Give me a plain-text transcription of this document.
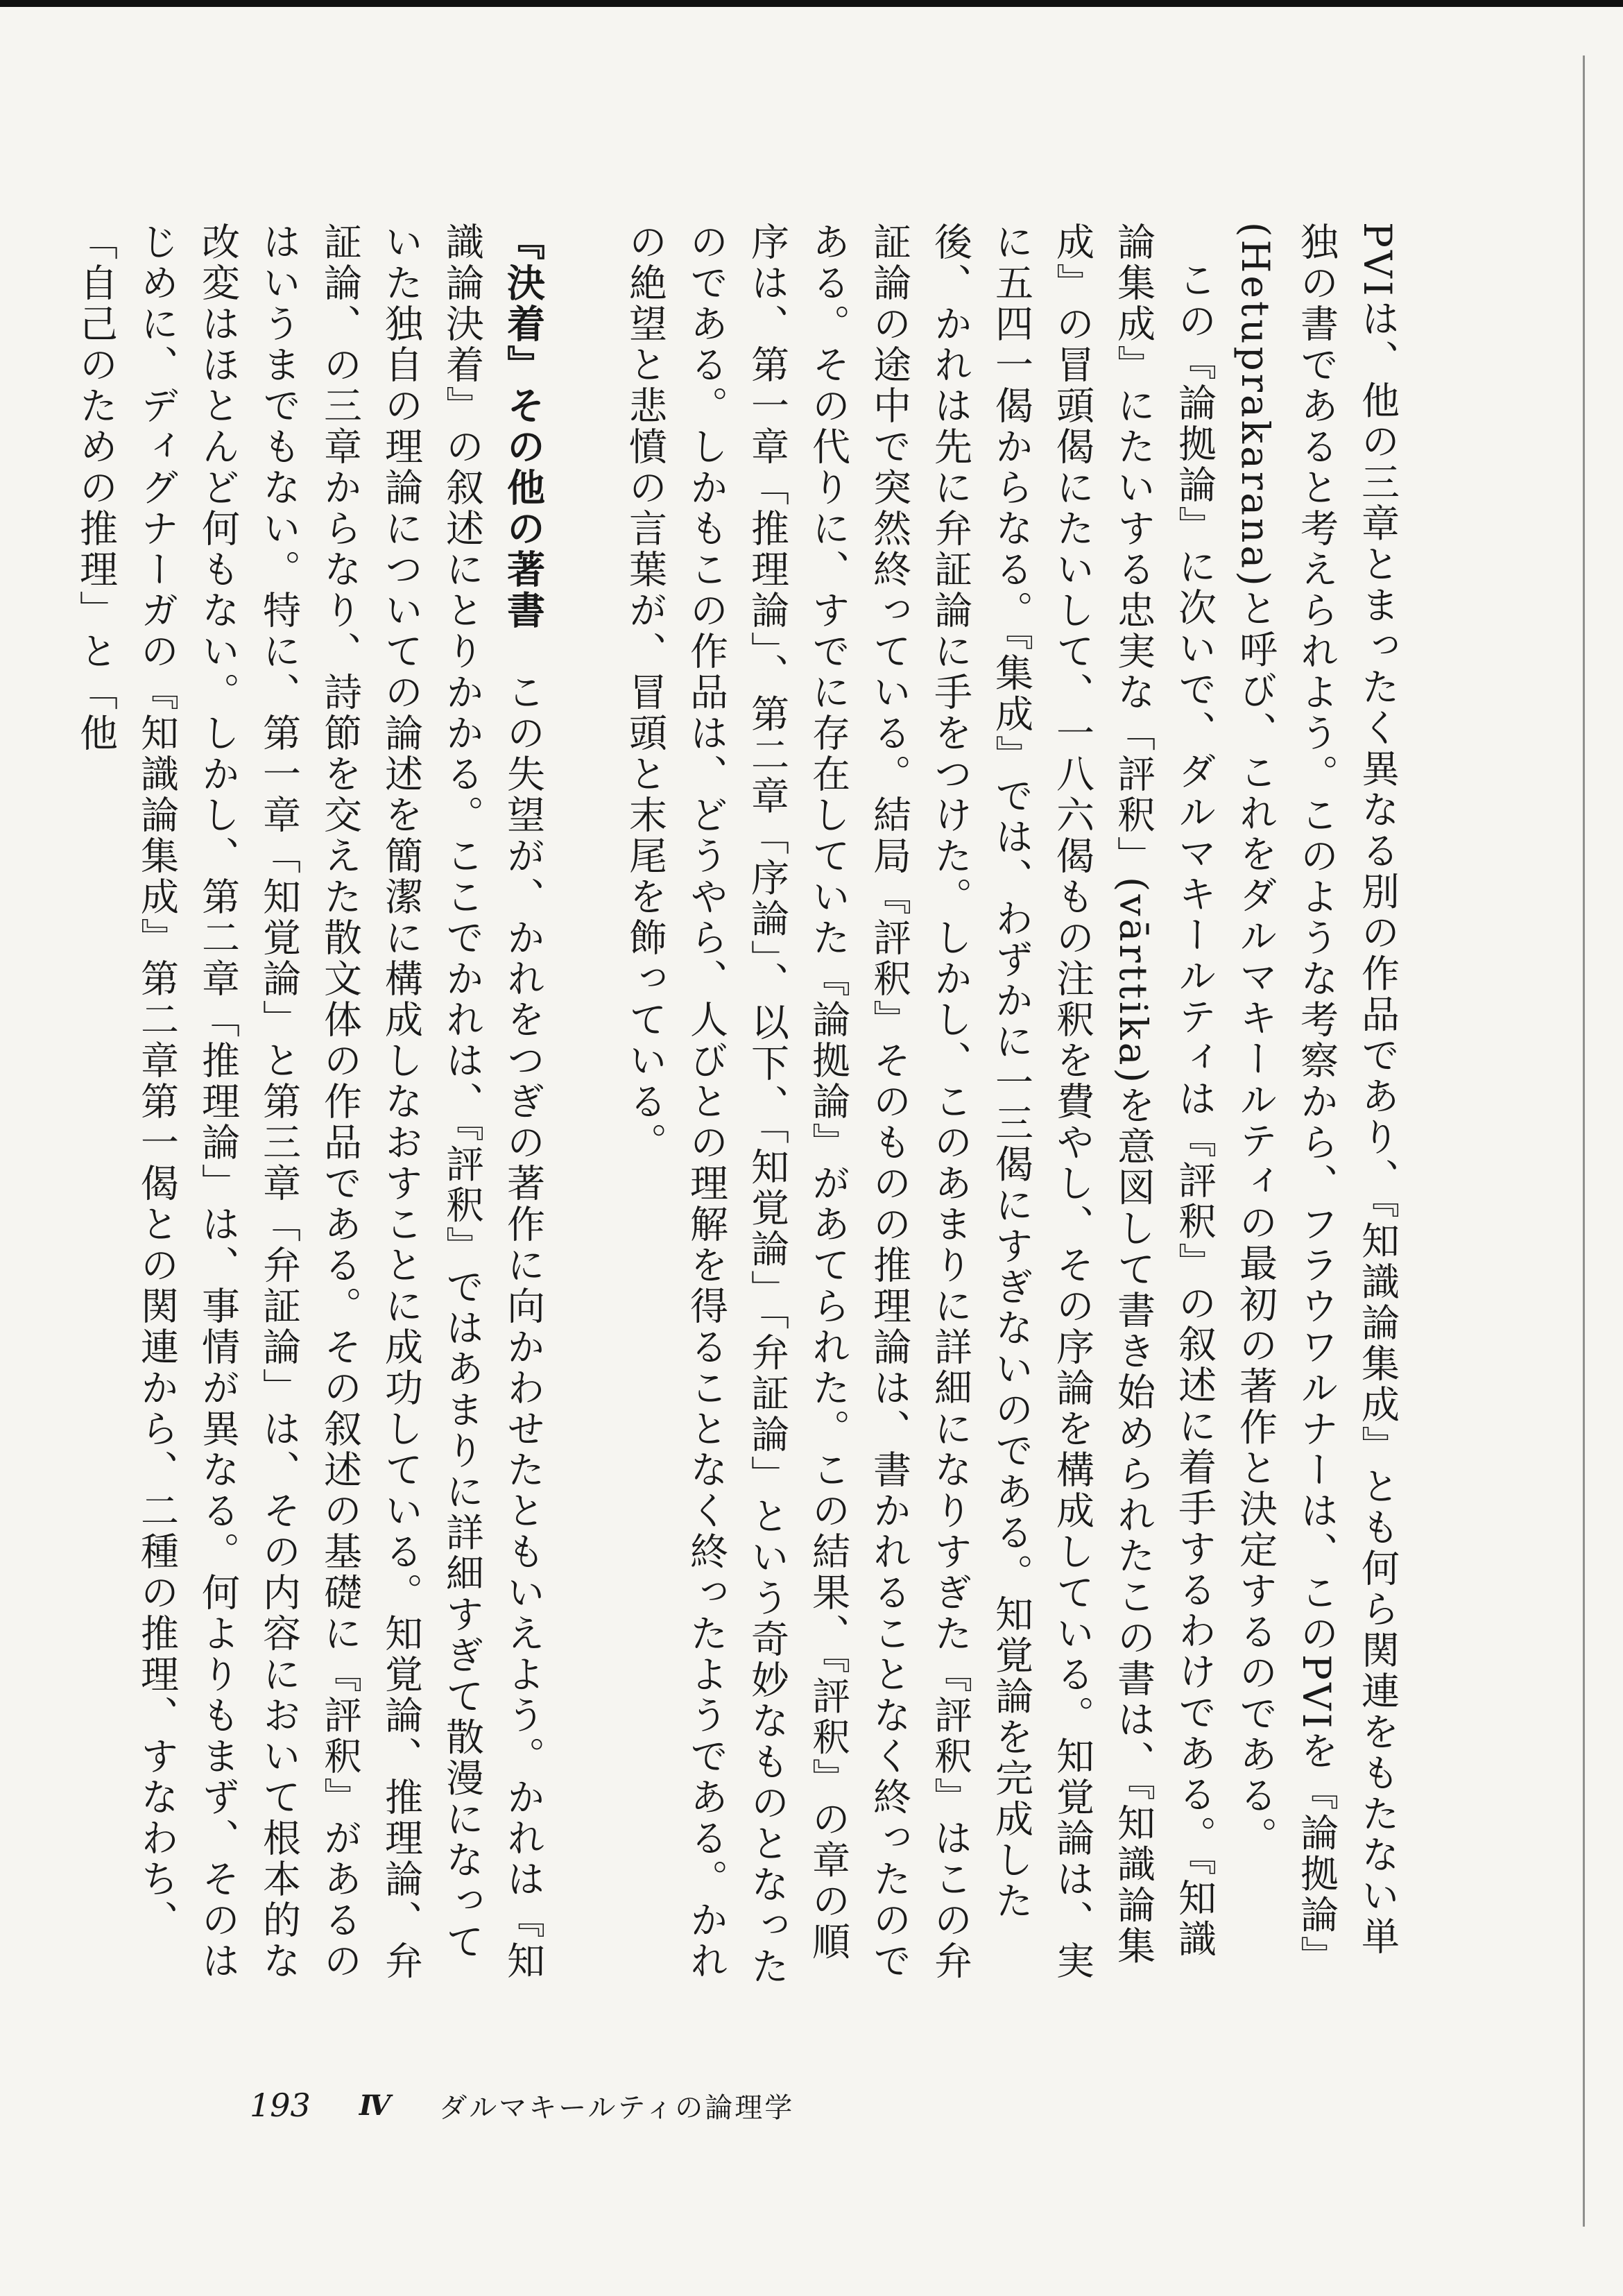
PVIは、他の三章とまったく異なる別の作品であり、『知識論集成』とも何ら関連をもたない単独の書であると考えられよう。このような考察から、フラウワルナーは、このPVIを『論拠論』(Hetuprakarana)と呼び、これをダルマキールティの最初の著作と決定するのである。

この『論拠論』に次いで、ダルマキールティは『評釈』の叙述に着手するわけである。『知識論集成』にたいする忠実な「評釈」(vārttika)を意図して書き始められたこの書は、『知識論集成』の冒頭偈にたいして、一八六偈もの注釈を費やし、その序論を構成している。知覚論は、実に五四一偈からなる。『集成』では、わずかに一三偈にすぎないのである。知覚論を完成した後、かれは先に弁証論に手をつけた。しかし、このあまりに詳細になりすぎた『評釈』はこの弁証論の途中で突然終っている。結局『評釈』そのものの推理論は、書かれることなく終ったのである。その代りに、すでに存在していた『論拠論』があてられた。この結果、『評釈』の章の順序は、第一章「推理論」、第二章「序論」、以下、「知覚論」「弁証論」という奇妙なものとなったのである。しかもこの作品は、どうやら、人びとの理解を得ることなく終ったようである。かれの絶望と悲憤の言葉が、冒頭と末尾を飾っている。

『決着』その他の著書　この失望が、かれをつぎの著作に向かわせたともいえよう。かれは『知識論決着』の叙述にとりかかる。ここでかれは、『評釈』ではあまりに詳細すぎて散漫になっていた独自の理論についての論述を簡潔に構成しなおすことに成功している。知覚論、推理論、弁証論、の三章からなり、詩節を交えた散文体の作品である。その叙述の基礎に『評釈』があるのはいうまでもない。特に、第一章「知覚論」と第三章「弁証論」は、その内容において根本的な改変はほとんど何もない。しかし、第二章「推理論」は、事情が異なる。何よりもまず、そのはじめに、ディグナーガの『知識論集成』第二章第一偈との関連から、二種の推理、すなわち、「自己のための推理」と「他

193 Ⅳ ダルマキールティの論理学
